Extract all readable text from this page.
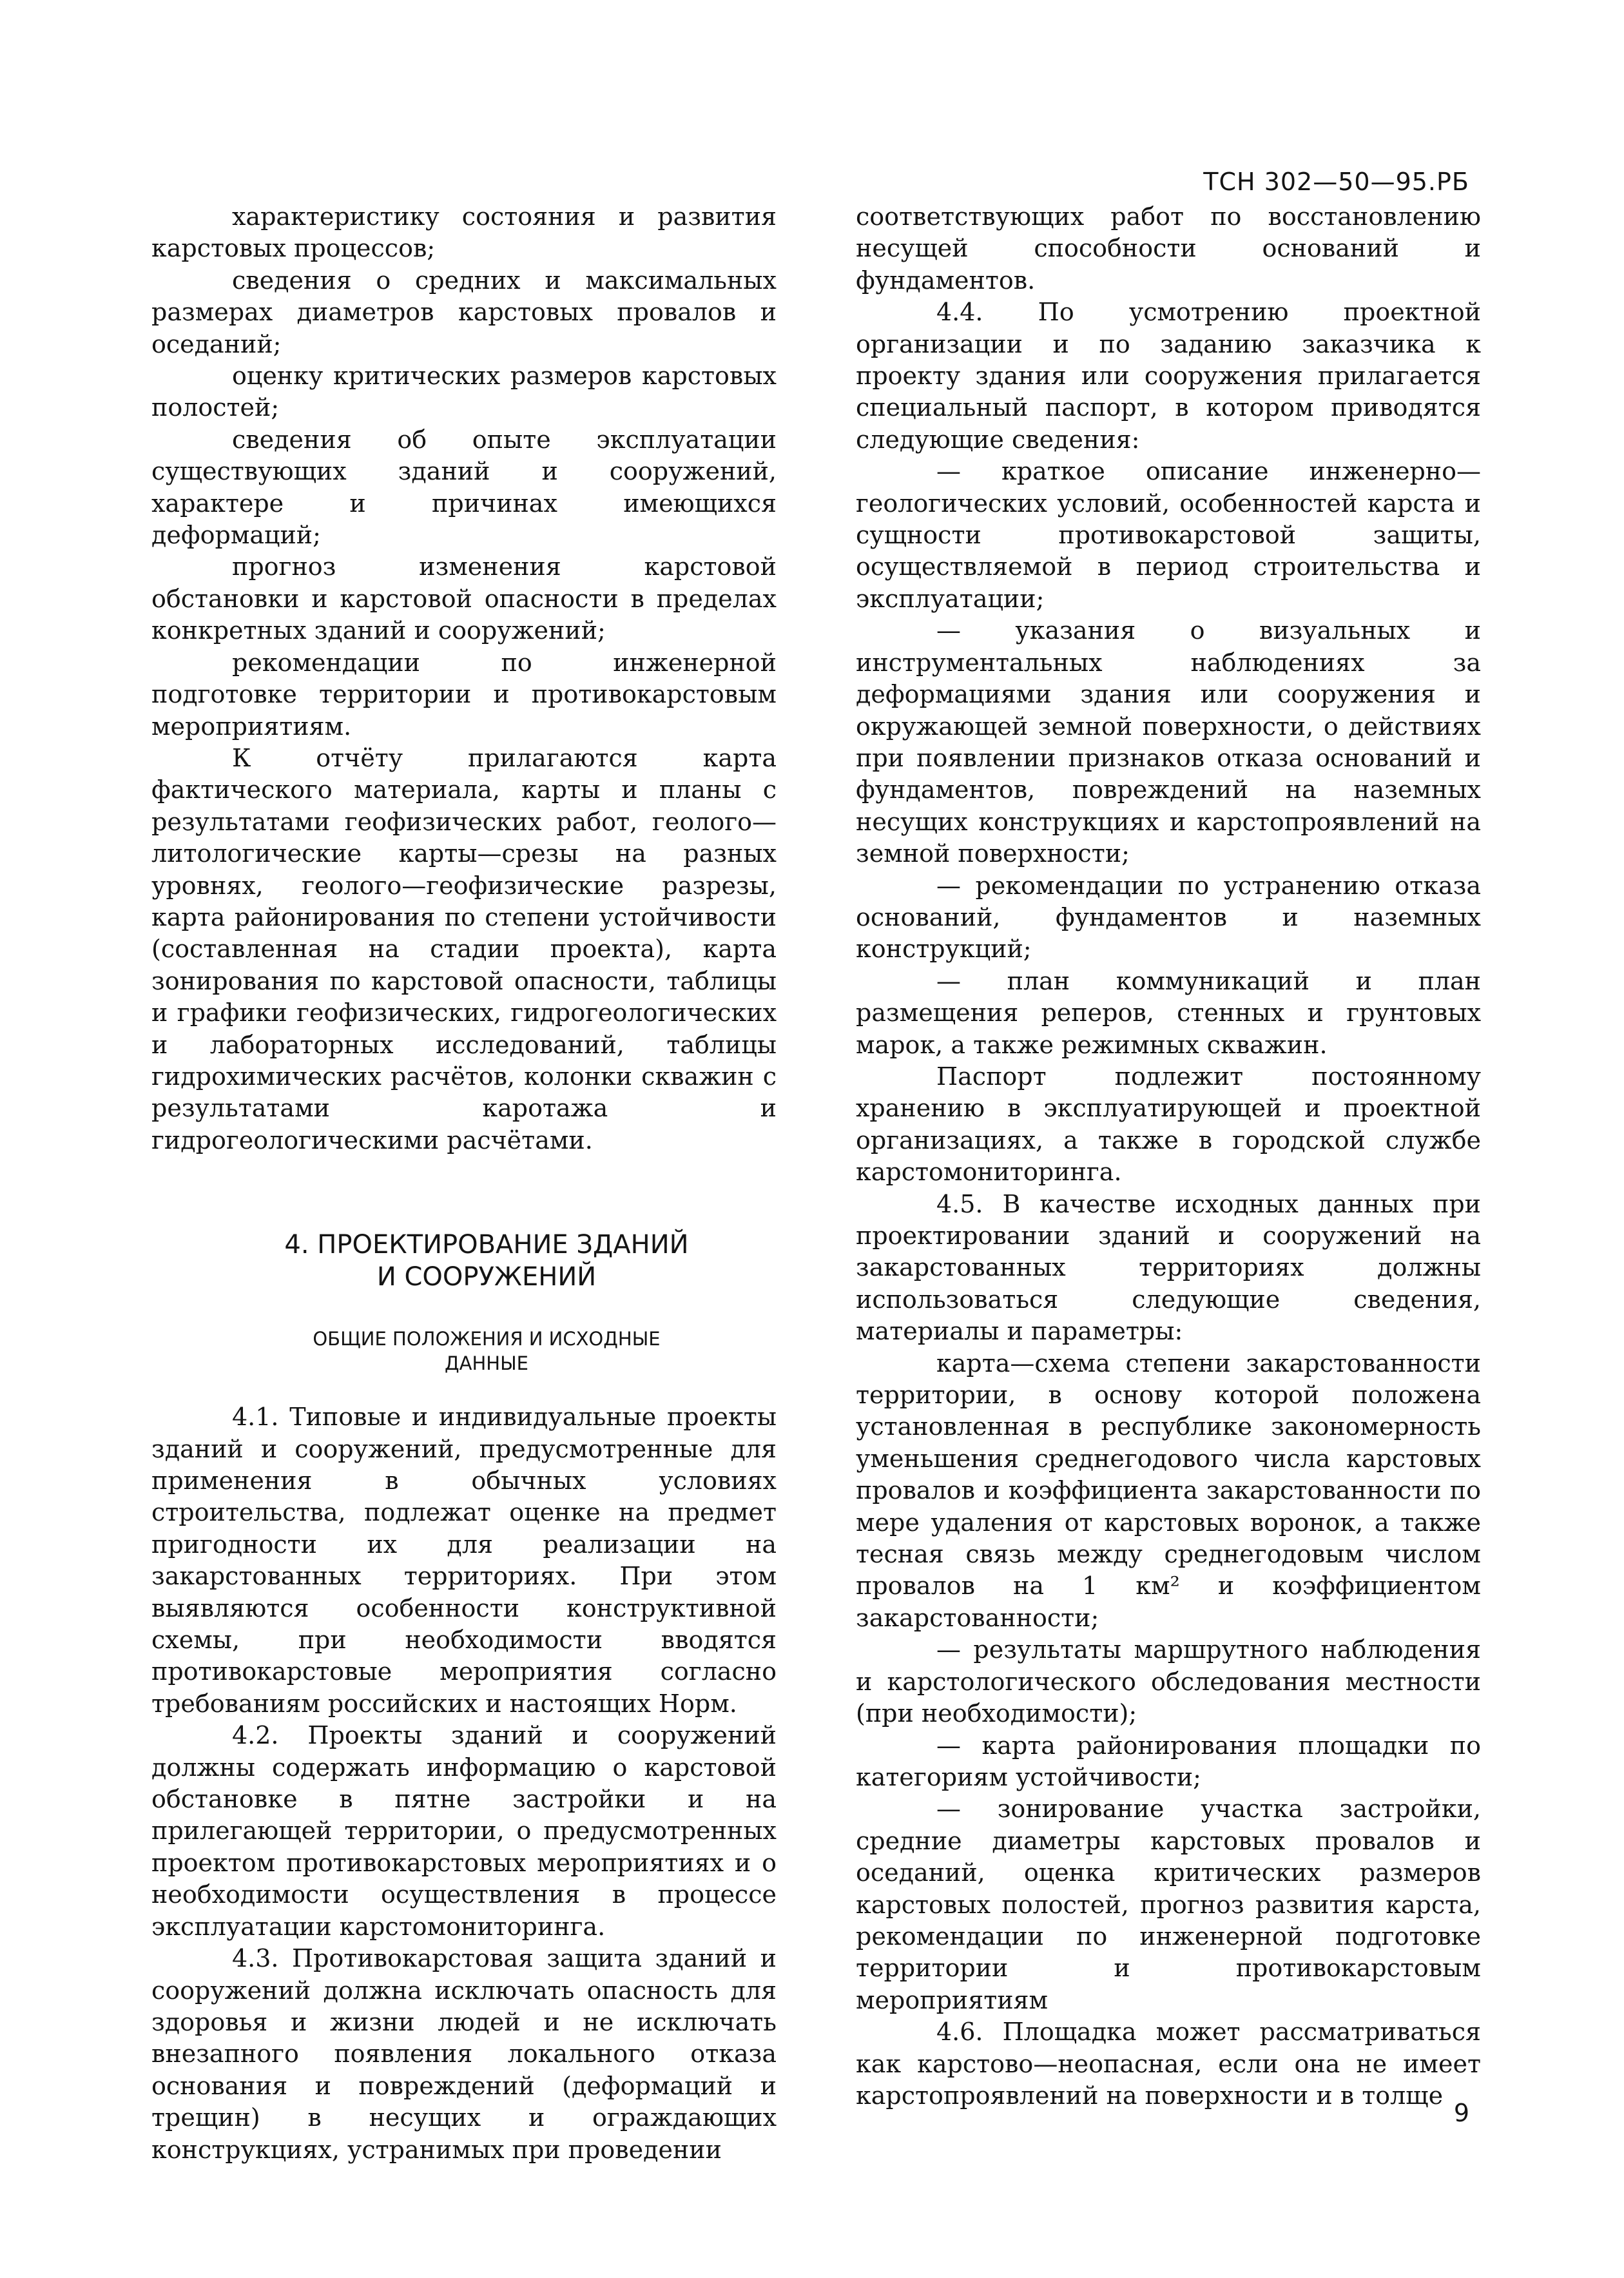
ТСН 302—50—95.РБ

характеристику состояния и развития карстовых процессов;

сведения о средних и максимальных размерах диаметров карстовых провалов и оседаний;

оценку критических размеров карстовых полостей;

сведения об опыте эксплуатации существующих зданий и сооружений, характере и причинах имеющихся деформаций;

прогноз изменения карстовой обстановки и карстовой опасности в пределах конкретных зданий и сооружений;

рекомендации по инженерной подготовке территории и противокарстовым мероприятиям.

К отчёту прилагаются карта фактического материала, карты и планы с результатами геофизических работ, геолого—литологические карты—срезы на разных уровнях, геолого—геофизические разрезы, карта районирования по степени устойчивости (составленная на стадии проекта), карта зонирования по карстовой опасности, таблицы и графики геофизических, гидрогеологических и лабораторных исследований, таблицы гидрохимических расчётов, колонки скважин с результатами каротажа и гидрогеологическими расчётами.

4. ПРОЕКТИРОВАНИЕ ЗДАНИЙ
И СООРУЖЕНИЙ
ОБЩИЕ ПОЛОЖЕНИЯ И ИСХОДНЫЕ
ДАННЫЕ

4.1. Типовые и индивидуальные проекты зданий и сооружений, предусмотренные для применения в обычных условиях строительства, подлежат оценке на предмет пригодности их для реализации на закарстованных территориях. При этом выявляются особенности конструктивной схемы, при необходимости вводятся противокарстовые мероприятия согласно требованиям российских и настоящих Норм.

4.2. Проекты зданий и сооружений должны содержать информацию о карстовой обстановке в пятне застройки и на прилегающей территории, о предусмотренных проектом противокарстовых мероприятиях и о необходимости осуществления в процессе эксплуатации карстомониторинга.

4.3. Противокарстовая защита зданий и сооружений должна исключать опасность для здоровья и жизни людей и не исключать внезапного появления локального отказа основания и повреждений (деформаций и трещин) в несущих и ограждающих конструкциях, устранимых при проведении

соответствующих работ по восстановлению несущей способности оснований и фундаментов.

4.4. По усмотрению проектной организации и по заданию заказчика к проекту здания или сооружения прилагается специальный паспорт, в котором приводятся следующие сведения:

— краткое описание инженерно—геологических условий, особенностей карста и сущности противокарстовой защиты, осуществляемой в период строительства и эксплуатации;

— указания о визуальных и инструментальных наблюдениях за деформациями здания или сооружения и окружающей земной поверхности, о действиях при появлении признаков отказа оснований и фундаментов, повреждений на наземных несущих конструкциях и карстопроявлений на земной поверхности;

— рекомендации по устранению отказа оснований, фундаментов и наземных конструкций;

— план коммуникаций и план размещения реперов, стенных и грунтовых марок, а также режимных скважин.

Паспорт подлежит постоянному хранению в эксплуатирующей и проектной организациях, а также в городской службе карстомониторинга.

4.5. В качестве исходных данных при проектировании зданий и сооружений на закарстованных территориях должны использоваться следующие сведения, материалы и параметры:

карта—схема степени закарстованности территории, в основу которой положена установленная в республике закономерность уменьшения среднегодового числа карстовых провалов и коэффициента закарстованности по мере удаления от карстовых воронок, а также тесная связь между среднегодовым числом провалов на 1 км² и коэффициентом закарстованности;

— результаты маршрутного наблюдения и карстологического обследования местности (при необходимости);

— карта районирования площадки по категориям устойчивости;

— зонирование участка застройки, средние диаметры карстовых провалов и оседаний, оценка критических размеров карстовых полостей, прогноз развития карста, рекомендации по инженерной подготовке территории и противокарстовым мероприятиям

4.6. Площадка может рассматриваться как карстово—неопасная, если она не имеет карстопроявлений на поверхности и в толще

9
